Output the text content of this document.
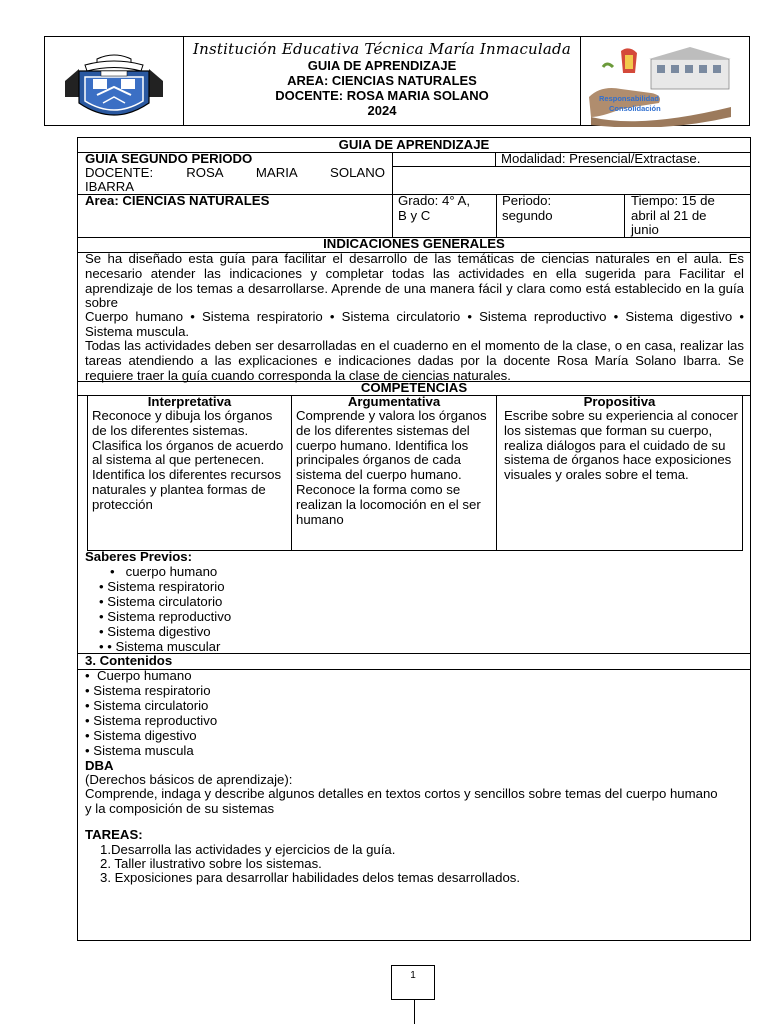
Institución Educativa Técnica María Inmaculada
GUIA DE APRENDIZAJE
AREA: CIENCIAS NATURALES
DOCENTE: ROSA MARIA SOLANO
2024
Responsabilidad
Consolidación
GUIA DE APRENDIZAJE
GUIA SEGUNDO PERIODO
DOCENTE: ROSA MARIA SOLANO
IBARRA
Modalidad: Presencial/Extractase.
Area: CIENCIAS NATURALES	Grado: 4° A,
B y C
Periodo:
segundo
Tiempo: 15 de
abril al 21 de
junio
INDICACIONES GENERALES
Se ha diseñado esta guía para facilitar el desarrollo de las temáticas de ciencias naturales en el aula. Es necesario atender las indicaciones y completar todas las actividades en ella sugerida para Facilitar el aprendizaje de los temas a desarrollarse. Aprende de una manera fácil y clara como está establecido en la guía sobre
Cuerpo humano • Sistema respiratorio • Sistema circulatorio • Sistema reproductivo • Sistema digestivo • Sistema muscula.
Todas las actividades deben ser desarrolladas en el cuaderno en el momento de la clase, o en casa, realizar las tareas atendiendo a las explicaciones e indicaciones dadas por la docente Rosa María Solano Ibarra. Se requiere traer la guía cuando corresponda la clase de ciencias naturales.
COMPETENCIAS
Interpretativa
Reconoce y dibuja los órganos de los diferentes sistemas. Clasifica los órganos de acuerdo al sistema al que pertenecen. Identifica los diferentes recursos naturales y plantea formas de protección
Argumentativa
Comprende y valora los órganos de los diferentes sistemas del cuerpo humano. Identifica los principales órganos de cada sistema del cuerpo humano. Reconoce la forma como se realizan la locomoción en el ser humano
Propositiva
Escribe sobre su experiencia al conocer los sistemas que forman su cuerpo, realiza diálogos para el cuidado de su sistema de órganos hace exposiciones visuales y orales sobre el tema.
Saberes Previos:
•   cuerpo humano
• Sistema respiratorio
• Sistema circulatorio
• Sistema reproductivo
• Sistema digestivo
• • Sistema muscular
3. Contenidos
•  Cuerpo humano
• Sistema respiratorio
• Sistema circulatorio
• Sistema reproductivo
• Sistema digestivo
• Sistema muscula
DBA
(Derechos básicos de aprendizaje):
Comprende, indaga y describe algunos detalles en textos cortos y sencillos sobre temas del cuerpo humano y la composición de su sistemas
TAREAS:
1.Desarrolla las actividades y ejercicios de la guía.
2. Taller ilustrativo sobre los sistemas.
3. Exposiciones para desarrollar habilidades delos temas desarrollados.
1
